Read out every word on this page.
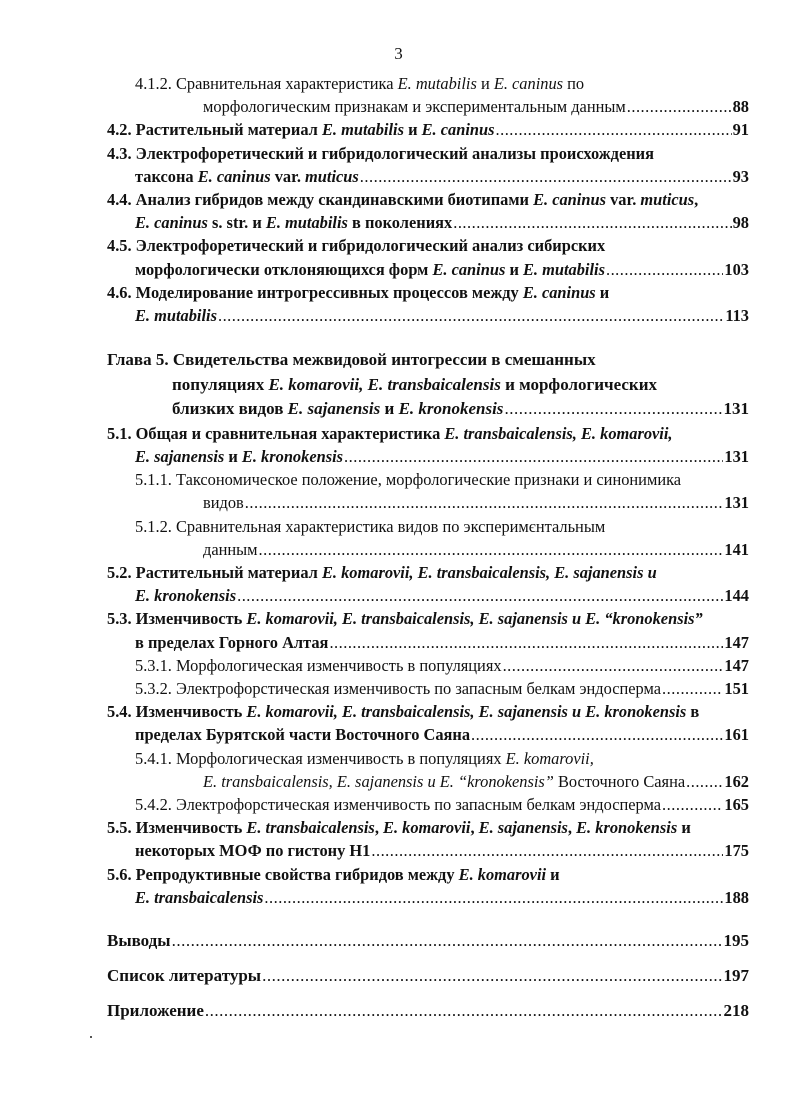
3
4.1.2. Сравнительная характеристика E. mutabilis и E. caninus по
морфологическим признакам и экспериментальным данным .....	88
4.2. Растительный материал E. mutabilis и E. caninus .....	91
4.3. Электрофоретический и гибридологический анализы происхождения
таксона E. caninus var. muticus .....	93
4.4. Анализ гибридов между скандинавскими биотипами E. caninus var. muticus,
E. caninus s. str. и E. mutabilis в поколениях .....	98
4.5. Электрофоретический и гибридологический анализ сибирских
морфологически отклоняющихся форм E. caninus и E. mutabilis .....	103
4.6. Моделирование интрогрессивных процессов между E. caninus и
E. mutabilis .....	113
Глава 5. Свидетельства межвидовой интогрессии в смешанных
популяциях E. komarovii, E. transbaicalensis и морфологических
близких видов E. sajanensis и E. kronokensis .....	131
5.1. Общая и сравнительная характеристика E. transbaicalensis, E. komarovii,
E. sajanensis и E. kronokensis .....	131
5.1.1. Таксономическое положение, морфологические признаки и синонимика
видов .....	131
5.1.2. Сравнительная характеристика видов по эксперимєнтальным
данным .....	141
5.2. Растительный материал E. komarovii, E. transbaicalensis, E. sajanensis u
E. kronokensis .....	144
5.3. Изменчивость E. komarovii, E. transbaicalensis, E. sajanensis u E. “kronokensis”
в пределах Горного Алтая .....	147
5.3.1. Морфологическая изменчивость в популяциях .....	147
5.3.2. Электрофорстическая изменчивость по запасным белкам эндосперма .....	151
5.4. Изменчивость E. komarovii, E. transbaicalensis, E. sajanensis u E. kronokensis в
пределах Бурятской части Восточного Саяна .....	161
5.4.1. Морфологическая изменчивость в популяциях E. komarovii,
E. transbaicalensis, E. sajanensis u E. “kronokensis” Восточного Саяна ..... 162
5.4.2. Электрофорстическая изменчивость по запасным белкам эндосперма .....	165
5.5. Изменчивость E. transbaicalensis, E. komarovii, E. sajanensis, E. kronokensis и
некоторых МОФ по гистону Н1 .....	175
5.6. Репродуктивные свойства гибридов между E. komarovii и
E. transbaicalensis .....	188
Выводы .....	195
Список литературы .....	197
Приложение .....	218
